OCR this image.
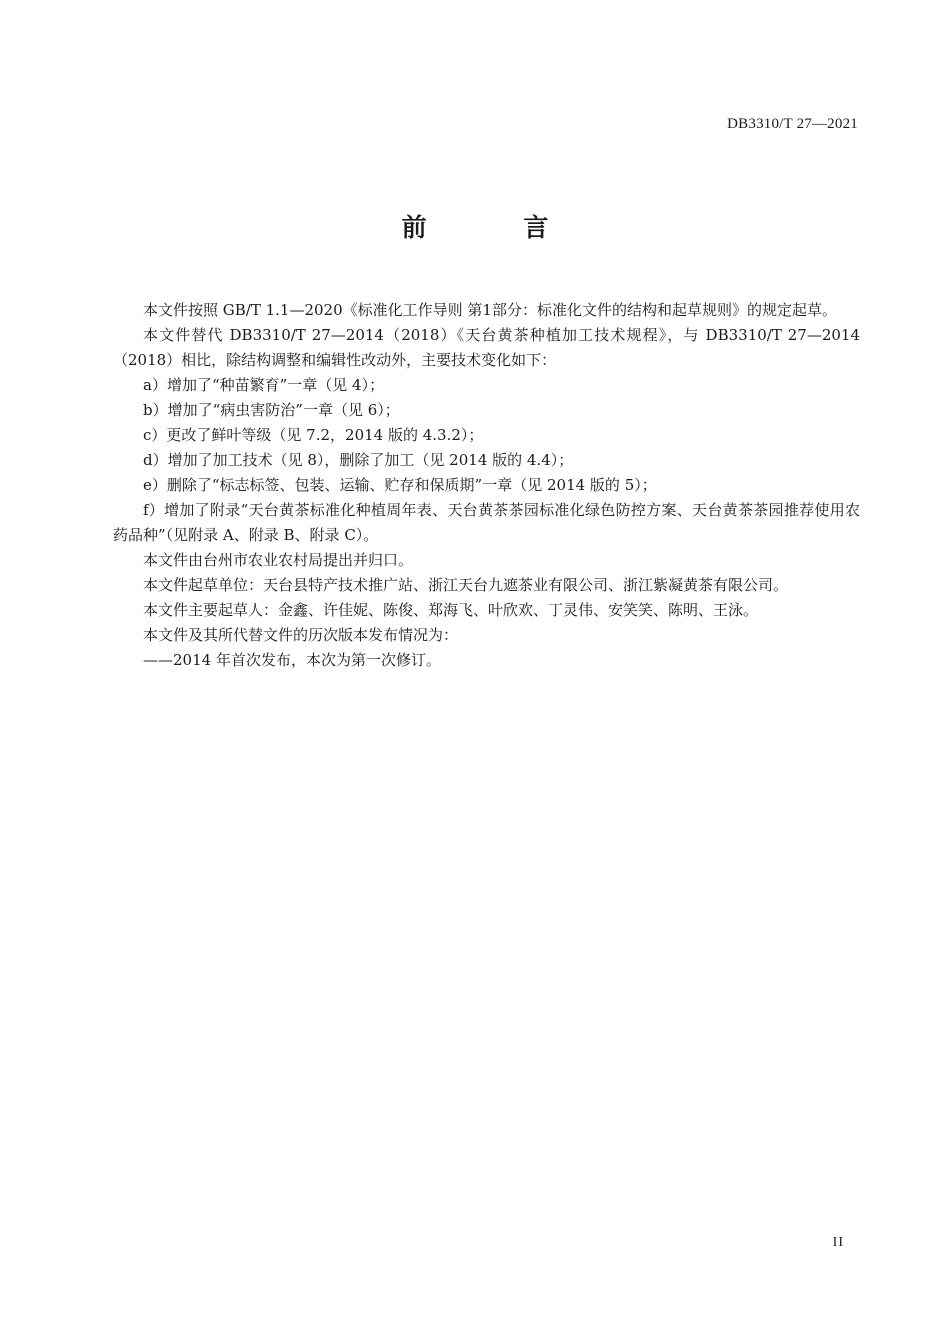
DB3310/T 27—2021
前 言

本文件按照 GB/T 1.1—2020《标准化工作导则 第1部分：标准化文件的结构和起草规则》的规定起草。

本文件替代 DB3310/T 27—2014（2018）《天台黄茶种植加工技术规程》，与 DB3310/T 27—2014（2018）相比，除结构调整和编辑性改动外，主要技术变化如下：

a）增加了“种苗繁育”一章（见 4）；

b）增加了“病虫害防治”一章（见 6）；

c）更改了鲜叶等级（见 7.2，2014 版的 4.3.2）；

d）增加了加工技术（见 8），删除了加工（见 2014 版的 4.4）；

e）删除了“标志标签、包装、运输、贮存和保质期”一章（见 2014 版的 5）；

f）增加了附录“天台黄茶标准化种植周年表、天台黄茶茶园标准化绿色防控方案、天台黄茶茶园推荐使用农药品种”（见附录 A、附录 B、附录 C）。

本文件由台州市农业农村局提出并归口。

本文件起草单位：天台县特产技术推广站、浙江天台九遮茶业有限公司、浙江紫凝黄茶有限公司。

本文件主要起草人：金鑫、许佳妮、陈俊、郑海飞、叶欣欢、丁灵伟、安笑笑、陈明、王泳。

本文件及其所代替文件的历次版本发布情况为：

——2014 年首次发布，本次为第一次修订。

II
